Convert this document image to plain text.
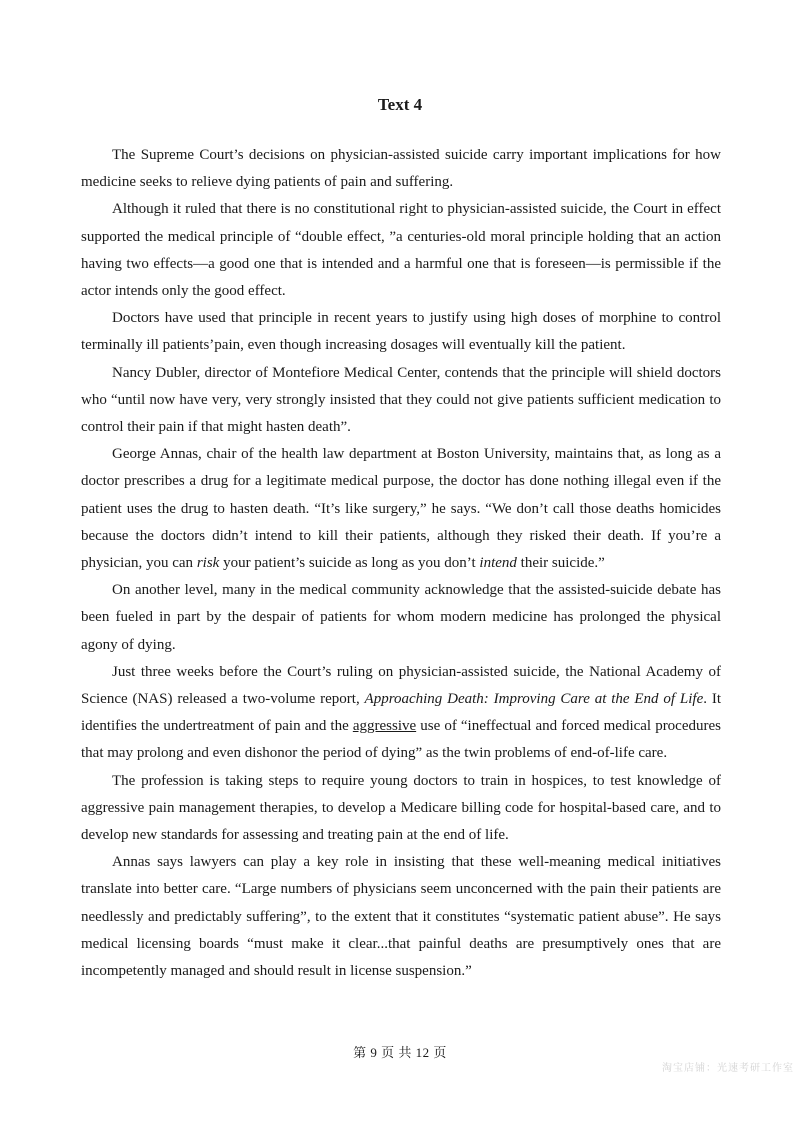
Text 4

The Supreme Court’s decisions on physician-assisted suicide carry important implications for how medicine seeks to relieve dying patients of pain and suffering.

Although it ruled that there is no constitutional right to physician-assisted suicide, the Court in effect supported the medical principle of “double effect, ”a centuries-old moral principle holding that an action having two effects—a good one that is intended and a harmful one that is foreseen—is permissible if the actor intends only the good effect.

Doctors have used that principle in recent years to justify using high doses of morphine to control terminally ill patients’pain, even though increasing dosages will eventually kill the patient.

Nancy Dubler, director of Montefiore Medical Center, contends that the principle will shield doctors who “until now have very, very strongly insisted that they could not give patients sufficient medication to control their pain if that might hasten death”.

George Annas, chair of the health law department at Boston University, maintains that, as long as a doctor prescribes a drug for a legitimate medical purpose, the doctor has done nothing illegal even if the patient uses the drug to hasten death. “It’s like surgery,” he says. “We don’t call those deaths homicides because the doctors didn’t intend to kill their patients, although they risked their death. If you’re a physician, you can risk your patient’s suicide as long as you don’t intend their suicide.”

On another level, many in the medical community acknowledge that the assisted-suicide debate has been fueled in part by the despair of patients for whom modern medicine has prolonged the physical agony of dying.

Just three weeks before the Court’s ruling on physician-assisted suicide, the National Academy of Science (NAS) released a two-volume report, Approaching Death: Improving Care at the End of Life. It identifies the undertreatment of pain and the aggressive use of “ineffectual and forced medical procedures that may prolong and even dishonor the period of dying” as the twin problems of end-of-life care.

The profession is taking steps to require young doctors to train in hospices, to test knowledge of aggressive pain management therapies, to develop a Medicare billing code for hospital-based care, and to develop new standards for assessing and treating pain at the end of life.

Annas says lawyers can play a key role in insisting that these well-meaning medical initiatives translate into better care. “Large numbers of physicians seem unconcerned with the pain their patients are needlessly and predictably suffering”, to the extent that it constitutes “systematic patient abuse”. He says medical licensing boards “must make it clear...that painful deaths are presumptively ones that are incompetently managed and should result in license suspension.”

第 9 页 共 12 页
淘宝店铺：光速考研工作室
